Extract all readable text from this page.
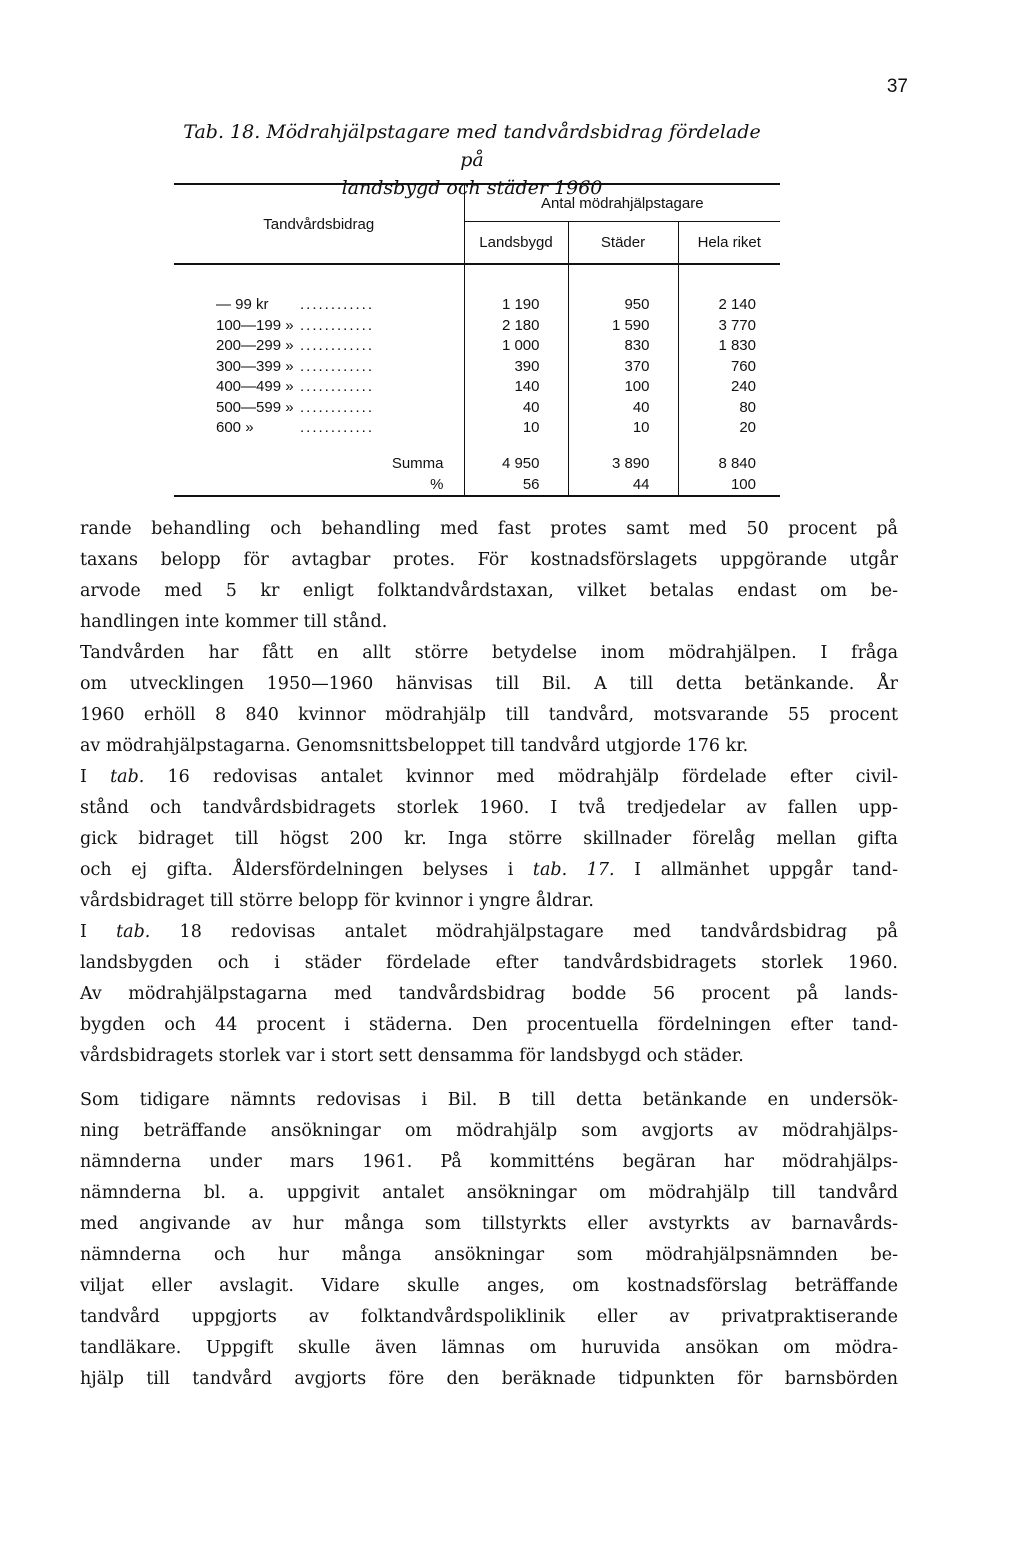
37
Tab. 18. Mödrahjälpstagare med tandvårdsbidrag fördelade på
landsbygd och städer 1960
Tandvårdsbidrag	Antal mödrahjälpstagare		
	Landsbygd	Städer	Hela riket

— 99 kr ............	1 190	950	2 140
100—199 » ............	2 180	1 590	3 770
200—299 » ............	1 000	830	1 830
300—399 » ............	390	370	760
400—499 » ............	140	100	240
500—599 » ............	40	40	80
600 » ............	10	10	20

Summa	4 950	3 890	8 840
%	56	44	100

rande behandling och behandling med fast protes samt med 50 procent på
taxans belopp för avtagbar protes. För kostnadsförslagets uppgörande utgår
arvode med 5 kr enligt folktandvårdstaxan, vilket betalas endast om be-
handlingen inte kommer till stånd.

Tandvården har fått en allt större betydelse inom mödrahjälpen. I fråga
om utvecklingen 1950—1960 hänvisas till Bil. A till detta betänkande. År
1960 erhöll 8 840 kvinnor mödrahjälp till tandvård, motsvarande 55 procent
av mödrahjälpstagarna. Genomsnittsbeloppet till tandvård utgjorde 176 kr.

I tab. 16 redovisas antalet kvinnor med mödrahjälp fördelade efter civil-
stånd och tandvårdsbidragets storlek 1960. I två tredjedelar av fallen upp-
gick bidraget till högst 200 kr. Inga större skillnader förelåg mellan gifta
och ej gifta. Åldersfördelningen belyses i tab. 17. I allmänhet uppgår tand-
vårdsbidraget till större belopp för kvinnor i yngre åldrar.

I tab. 18 redovisas antalet mödrahjälpstagare med tandvårdsbidrag på
landsbygden och i städer fördelade efter tandvårdsbidragets storlek 1960.
Av mödrahjälpstagarna med tandvårdsbidrag bodde 56 procent på lands-
bygden och 44 procent i städerna. Den procentuella fördelningen efter tand-
vårdsbidragets storlek var i stort sett densamma för landsbygd och städer.

Som tidigare nämnts redovisas i Bil. B till detta betänkande en undersök-
ning beträffande ansökningar om mödrahjälp som avgjorts av mödrahjälps-
nämnderna under mars 1961. På kommitténs begäran har mödrahjälps-
nämnderna bl. a. uppgivit antalet ansökningar om mödrahjälp till tandvård
med angivande av hur många som tillstyrkts eller avstyrkts av barnavårds-
nämnderna och hur många ansökningar som mödrahjälpsnämnden be-
viljat eller avslagit. Vidare skulle anges, om kostnadsförslag beträffande
tandvård uppgjorts av folktandvårdspoliklinik eller av privatpraktiserande
tandläkare. Uppgift skulle även lämnas om huruvida ansökan om mödra-
hjälp till tandvård avgjorts före den beräknade tidpunkten för barnsbörden
